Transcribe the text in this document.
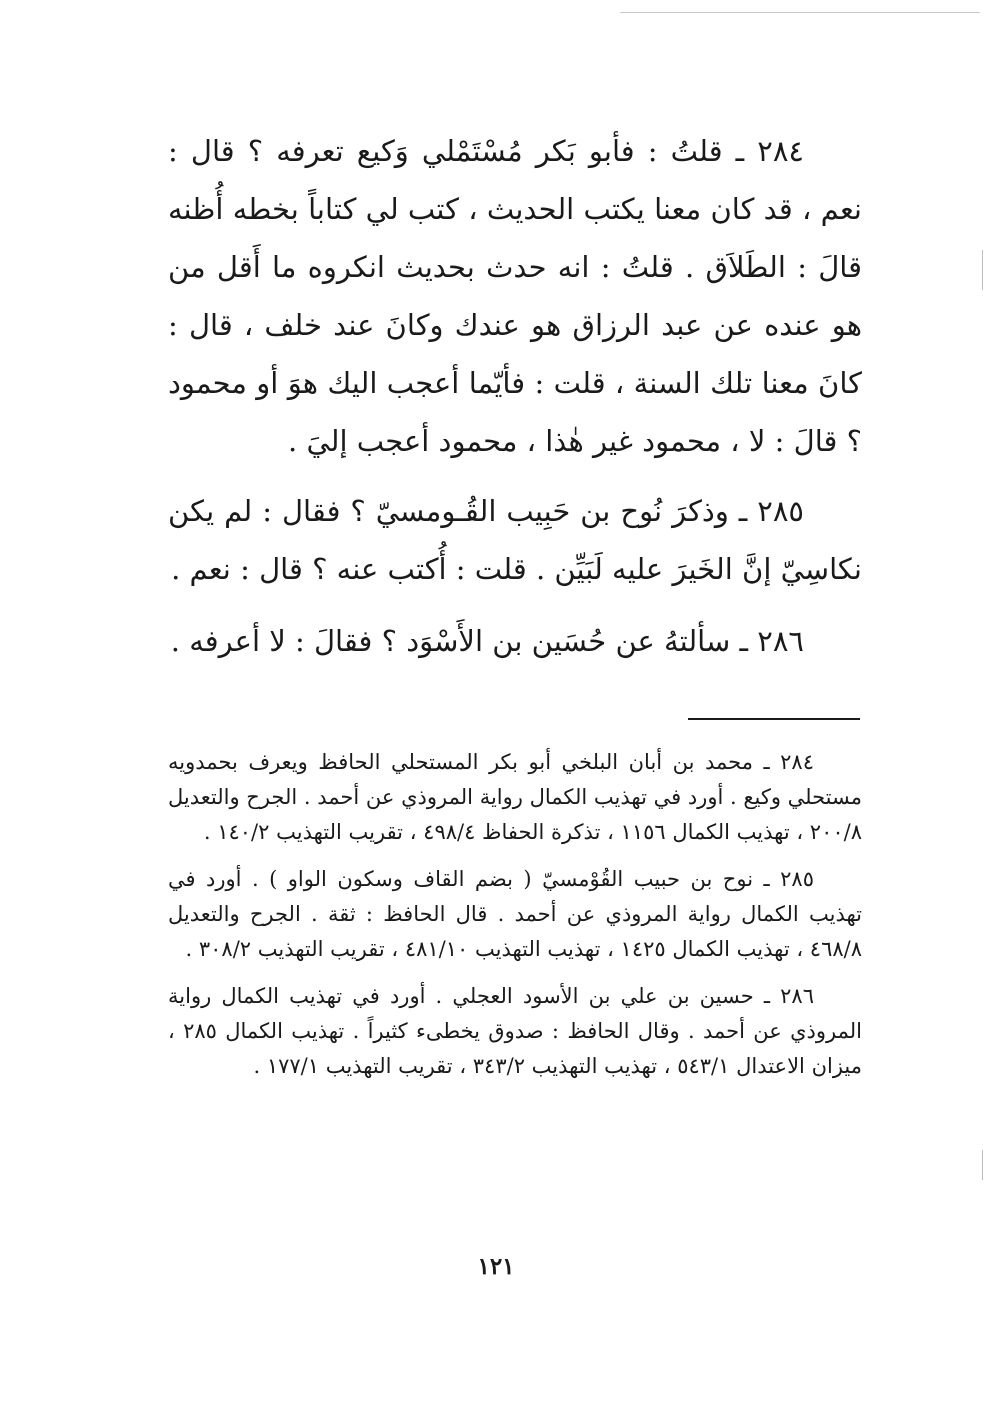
٢٨٤ ـ قلتُ : فأبو بَكر مُسْتَمْلي وَكيع تعرفه ؟ قال : نعم ، قد كان معنا يكتب الحديث ، كتب لي كتاباً بخطه أُظنه قالَ : الطَلاَق . قلتُ : انه حدث بحديث انكروه ما أَقل من هو عنده عن عبد الرزاق هو عندك وكانَ عند خلف ، قال : كانَ معنا تلك السنة ، قلت : فأيّما أعجب اليك هوَ أو محمود ؟ قالَ : لا ، محمود غير هٰذا ، محمود أعجب إليَ .

٢٨٥ ـ وذكرَ نُوح بن حَبِيب القُـومسيّ ؟ فقال : لم يكن نكاسِيّ إنَّ الخَيرَ عليه لَبَيِّن . قلت : أُكتب عنه ؟ قال : نعم .

٢٨٦ ـ سألتهُ عن حُسَين بن الأَسْوَد ؟ فقالَ : لا أعرفه .

٢٨٤ ـ محمد بن أبان البلخي أبو بكر المستحلي الحافظ ويعرف بحمدويه مستحلي وكيع . أورد في تهذيب الكمال رواية المروذي عن أحمد . الجرح والتعديل ٢٠٠/٨ ، تهذيب الكمال ١١٥٦ ، تذكرة الحفاظ ٤٩٨/٤ ، تقريب التهذيب ١٤٠/٢ .

٢٨٥ ـ نوح بن حبيب القُوْمسيّ ( بضم القاف وسكون الواو ) . أورد في تهذيب الكمال رواية المروذي عن أحمد . قال الحافظ : ثقة . الجرح والتعديل ٤٦٨/٨ ، تهذيب الكمال ١٤٢٥ ، تهذيب التهذيب ٤٨١/١٠ ، تقريب التهذيب ٣٠٨/٢ .

٢٨٦ ـ حسين بن علي بن الأسود العجلي . أورد في تهذيب الكمال رواية المروذي عن أحمد . وقال الحافظ : صدوق يخطىء كثيراً . تهذيب الكمال ٢٨٥ ، ميزان الاعتدال ٥٤٣/١ ، تهذيب التهذيب ٣٤٣/٢ ، تقريب التهذيب ١٧٧/١ .

١٢١
